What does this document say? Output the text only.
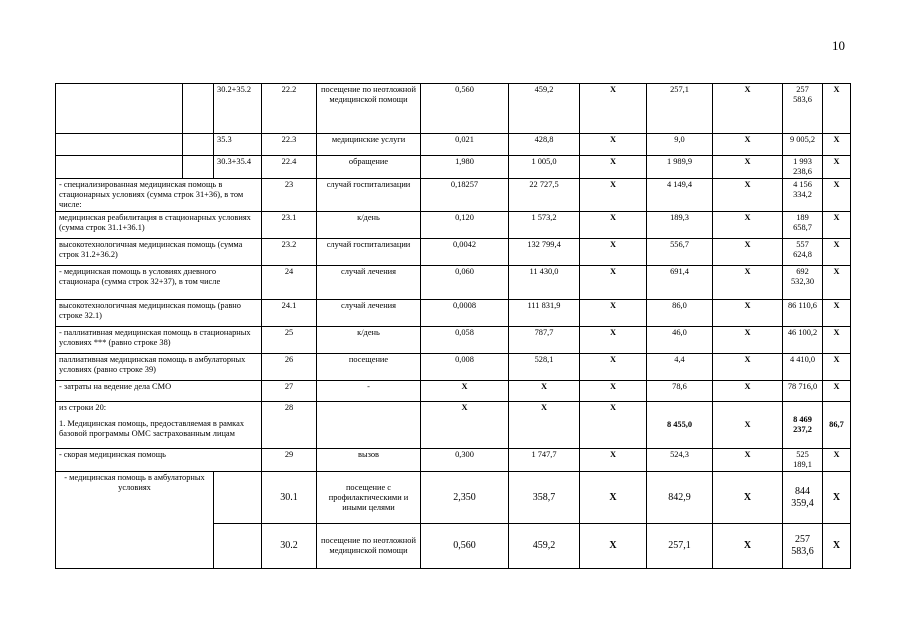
10
		30.2+35.2	22.2	посещение по неотложной медицинской помощи	0,560	459,2	X	257,1	X	257 583,6	X
		35.3	22.3	медицинские услуги	0,021	428,8	X	9,0	X	9 005,2	X
		30.3+35.4	22.4	обращение	1,980	1 005,0	X	1 989,9	X	1 993 238,6	X
- специализированная медицинская помощь в стационарных условиях (сумма строк 31+36), в том числе:			23	случай госпитализации	0,18257	22 727,5	X	4 149,4	X	4 156 334,2	X
медицинская реабилитация в стационарных условиях (сумма строк 31.1+36.1)			23.1	к/день	0,120	1 573,2	X	189,3	X	189 658,7	X
высокотехнологичная медицинская помощь (сумма строк 31.2+36.2)			23.2	случай госпитализации	0,0042	132 799,4	X	556,7	X	557 624,8	X
- медицинская помощь в условиях дневного стационара (сумма строк 32+37), в том числе			24	случай лечения	0,060	11 430,0	X	691,4	X	692 532,30	X
высокотехнологичная медицинская помощь (равно строке 32.1)			24.1	случай лечения	0,0008	111 831,9	X	86,0	X	86 110,6	X
- паллиативная медицинская помощь в стационарных условиях *** (равно строке 38)			25	к/день	0,058	787,7	X	46,0	X	46 100,2	X
паллиативная медицинская помощь в амбулаторных условиях (равно строке 39)			26	посещение	0,008	528,1	X	4,4	X	4 410,0	X
- затраты на ведение дела СМО			27	-	X	X	X	78,6	X	78 716,0	X
из строки 20:
1. Медицинская помощь, предоставляемая в рамках базовой программы ОМС застрахованным лицам			28		X	X	X	8 455,0	X	8 469 237,2	86,7
- скорая медицинская помощь			29	вызов	0,300	1 747,7	X	524,3	X	525 189,1	X
- медицинская помощь в амбулаторных условиях			30.1	посещение с профилактическими и иными целями	2,350	358,7	X	842,9	X	844 359,4	X
			30.2	посещение по неотложной медицинской помощи	0,560	459,2	X	257,1	X	257 583,6	X
